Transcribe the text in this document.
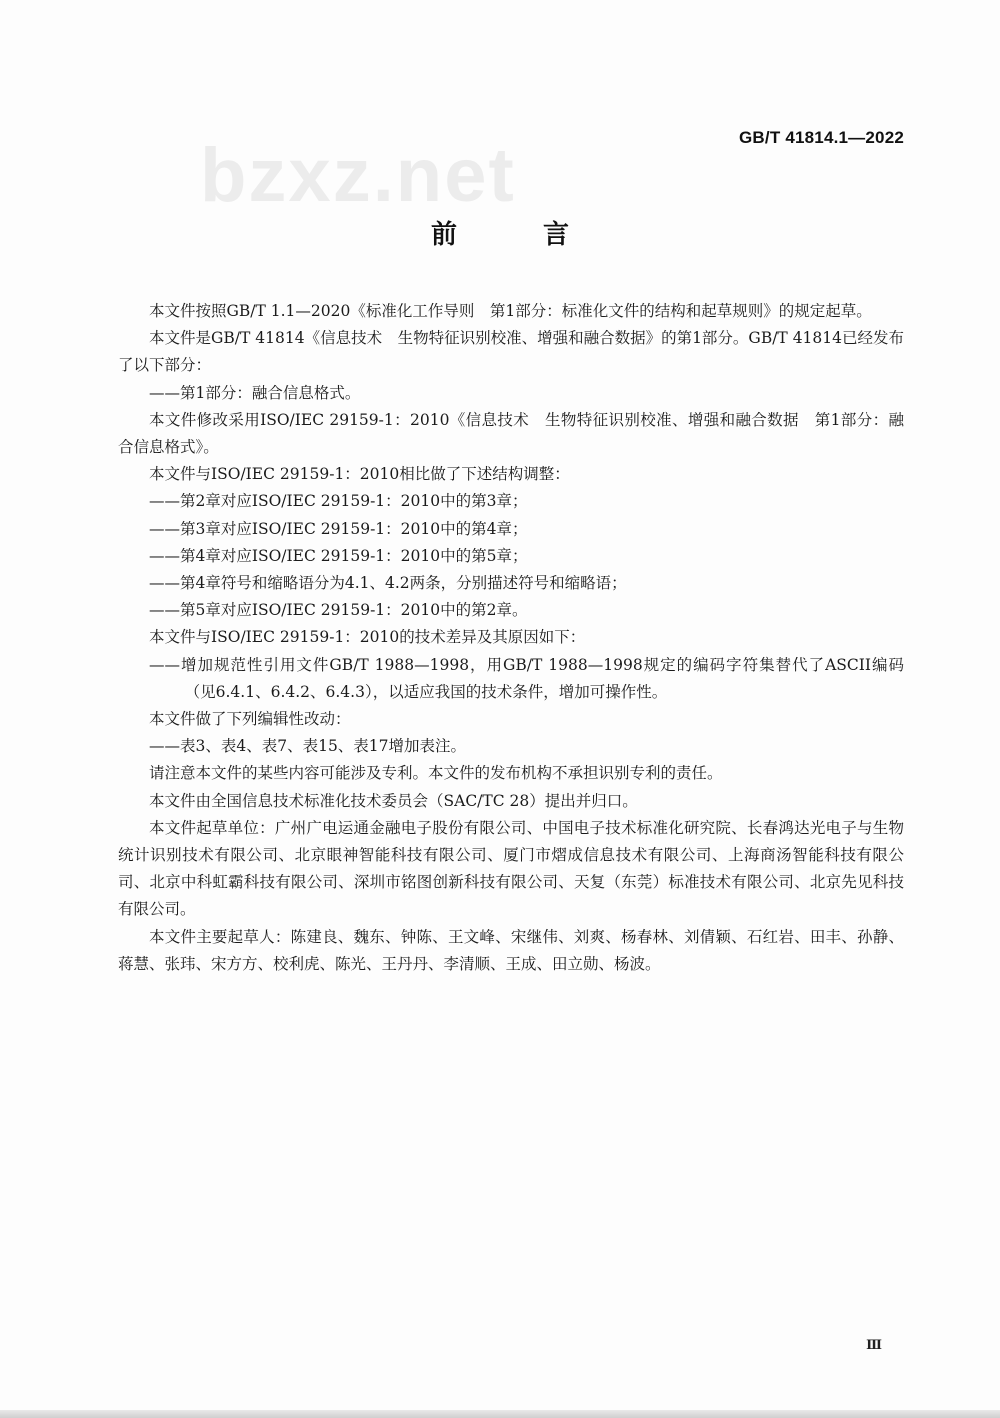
bzxz.net	GB/T 41814.1—2022
前　言

本文件按照GB/T 1.1—2020《标准化工作导则　第1部分：标准化文件的结构和起草规则》的规定起草。

本文件是GB/T 41814《信息技术　生物特征识别校准、增强和融合数据》的第1部分。GB/T 41814已经发布了以下部分：

——第1部分：融合信息格式。

本文件修改采用ISO/IEC 29159-1：2010《信息技术　生物特征识别校准、增强和融合数据　第1部分：融合信息格式》。

本文件与ISO/IEC 29159-1：2010相比做了下述结构调整：

——第2章对应ISO/IEC 29159-1：2010中的第3章；

——第3章对应ISO/IEC 29159-1：2010中的第4章；

——第4章对应ISO/IEC 29159-1：2010中的第5章；

——第4章符号和缩略语分为4.1、4.2两条，分别描述符号和缩略语；

——第5章对应ISO/IEC 29159-1：2010中的第2章。

本文件与ISO/IEC 29159-1：2010的技术差异及其原因如下：

——增加规范性引用文件GB/T 1988—1998，用GB/T 1988—1998规定的编码字符集替代了ASCII编码（见6.4.1、6.4.2、6.4.3），以适应我国的技术条件，增加可操作性。

本文件做了下列编辑性改动：

——表3、表4、表7、表15、表17增加表注。

请注意本文件的某些内容可能涉及专利。本文件的发布机构不承担识别专利的责任。

本文件由全国信息技术标准化技术委员会（SAC/TC 28）提出并归口。

本文件起草单位：广州广电运通金融电子股份有限公司、中国电子技术标准化研究院、长春鸿达光电子与生物统计识别技术有限公司、北京眼神智能科技有限公司、厦门市熠成信息技术有限公司、上海商汤智能科技有限公司、北京中科虹霸科技有限公司、深圳市铭图创新科技有限公司、天复（东莞）标准技术有限公司、北京先见科技有限公司。

本文件主要起草人：陈建良、魏东、钟陈、王文峰、宋继伟、刘爽、杨春林、刘倩颖、石红岩、田丰、孙静、蒋慧、张玮、宋方方、校利虎、陈光、王丹丹、李清顺、王成、田立勋、杨波。

Ⅲ
